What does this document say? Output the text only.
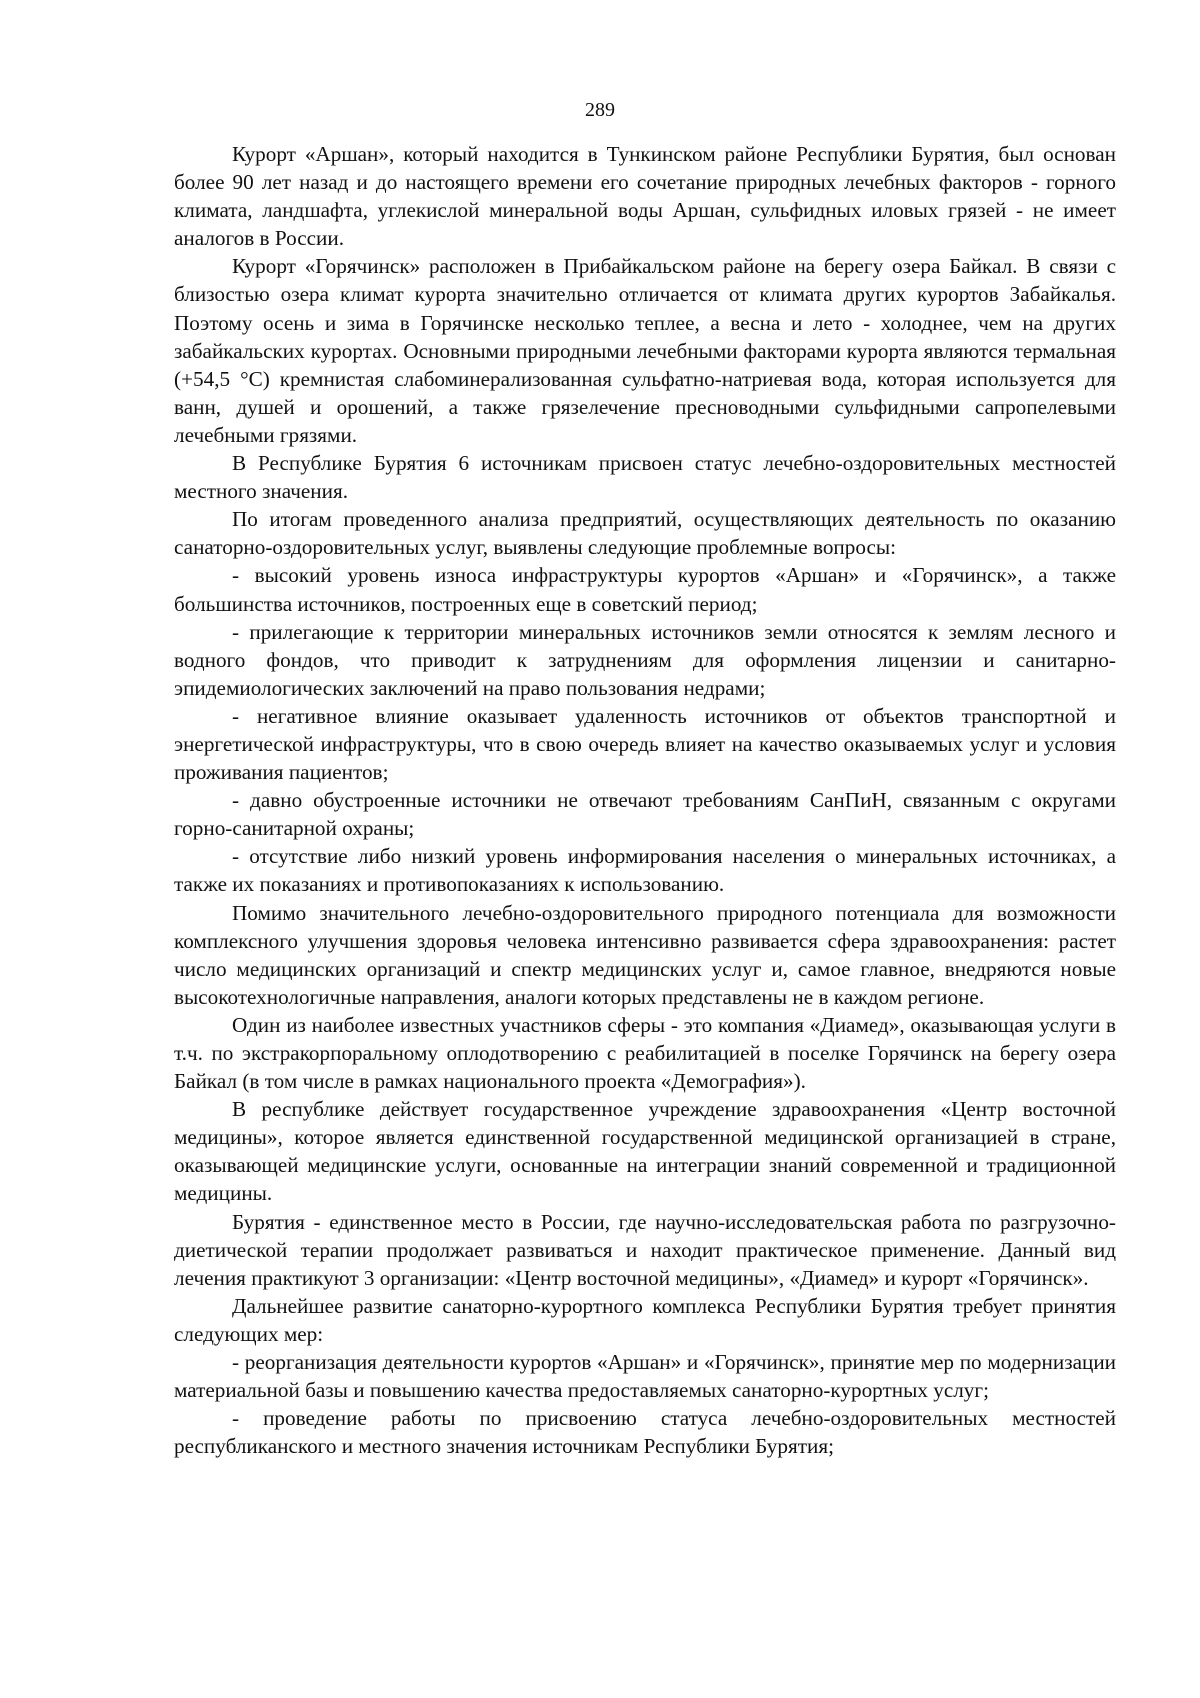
289

Курорт «Аршан», который находится в Тункинском районе Республики Бурятия, был основан более 90 лет назад и до настоящего времени его сочетание природных лечебных факторов - горного климата, ландшафта, углекислой минеральной воды Аршан, сульфидных иловых грязей - не имеет аналогов в России.

Курорт «Горячинск» расположен в Прибайкальском районе на берегу озера Байкал. В связи с близостью озера климат курорта значительно отличается от климата других курортов Забайкалья. Поэтому осень и зима в Горячинске несколько теплее, а весна и лето - холоднее, чем на других забайкальских курортах. Основными природными лечебными факторами курорта являются термальная (+54,5 °С) кремнистая слабоминерализованная сульфатно-натриевая вода, которая используется для ванн, душей и орошений, а также грязелечение пресноводными сульфидными сапропелевыми лечебными грязями.

В Республике Бурятия 6 источникам присвоен статус лечебно-оздоровительных местностей местного значения.

По итогам проведенного анализа предприятий, осуществляющих деятельность по оказанию санаторно-оздоровительных услуг, выявлены следующие проблемные вопросы:

- высокий уровень износа инфраструктуры курортов «Аршан» и «Горячинск», а также большинства источников, построенных еще в советский период;

- прилегающие к территории минеральных источников земли относятся к землям лесного и водного фондов, что приводит к затруднениям для оформления лицензии и санитарно-эпидемиологических заключений на право пользования недрами;

- негативное влияние оказывает удаленность источников от объектов транспортной и энергетической инфраструктуры, что в свою очередь влияет на качество оказываемых услуг и условия проживания пациентов;

- давно обустроенные источники не отвечают требованиям СанПиН, связанным с округами горно-санитарной охраны;

- отсутствие либо низкий уровень информирования населения о минеральных источниках, а также их показаниях и противопоказаниях к использованию.

Помимо значительного лечебно-оздоровительного природного потенциала для возможности комплексного улучшения здоровья человека интенсивно развивается сфера здравоохранения: растет число медицинских организаций и спектр медицинских услуг и, самое главное, внедряются новые высокотехнологичные направления, аналоги которых представлены не в каждом регионе.

Один из наиболее известных участников сферы - это компания «Диамед», оказывающая услуги в т.ч. по экстракорпоральному оплодотворению с реабилитацией в поселке Горячинск на берегу озера Байкал (в том числе в рамках национального проекта «Демография»).

В республике действует государственное учреждение здравоохранения «Центр восточной медицины», которое является единственной государственной медицинской организацией в стране, оказывающей медицинские услуги, основанные на интеграции знаний современной и традиционной медицины.

Бурятия - единственное место в России, где научно-исследовательская работа по разгрузочно-диетической терапии продолжает развиваться и находит практическое применение. Данный вид лечения практикуют 3 организации: «Центр восточной медицины», «Диамед» и курорт «Горячинск».

Дальнейшее развитие санаторно-курортного комплекса Республики Бурятия требует принятия следующих мер:

- реорганизация деятельности курортов «Аршан» и «Горячинск», принятие мер по модернизации материальной базы и повышению качества предоставляемых санаторно-курортных услуг;

- проведение работы по присвоению статуса лечебно-оздоровительных местностей республиканского и местного значения источникам Республики Бурятия;
